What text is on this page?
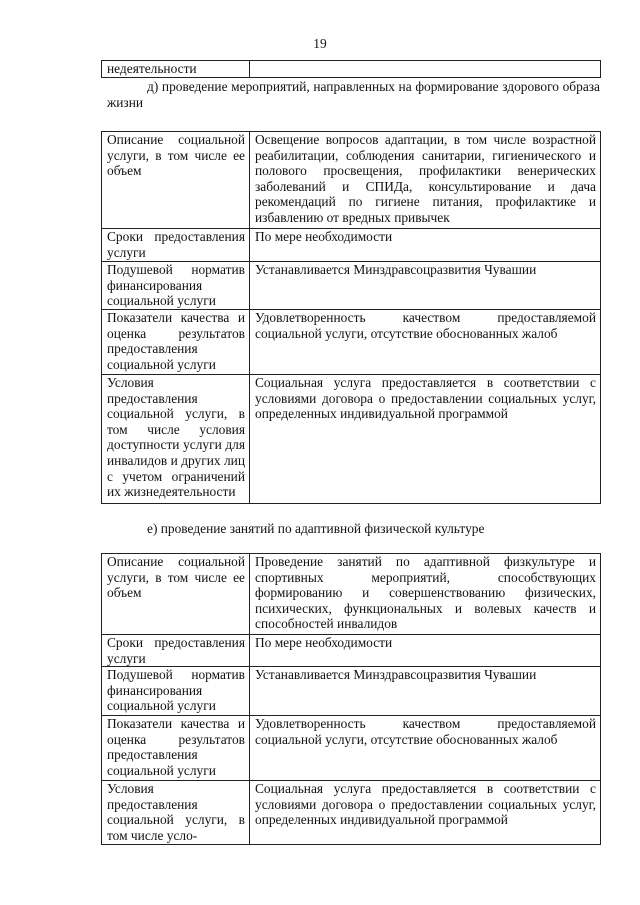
19
недеятельности	
д) проведение мероприятий, направленных на формирование здорового образа жизни
Описание социальной услуги, в том числе ее объем	Освещение вопросов адаптации, в том числе возрастной реабилитации, соблюдения санитарии, гигиенического и полового просвещения, профилактики венерических заболеваний и СПИДа, консультирование и дача рекомендаций по гигиене питания, профилактике и избавлению от вредных привычек
Сроки предоставления услуги	По мере необходимости
Подушевой норматив финансирования социальной услуги	Устанавливается Минздравсоцразвития Чувашии
Показатели качества и оценка результатов предоставления социальной услуги	Удовлетворенность качеством предоставляемой социальной услуги, отсутствие обоснованных жалоб
Условия предоставления социальной услуги, в том числе условия доступности услуги для инвалидов и других лиц с учетом ограничений их жизнедеятельности	Социальная услуга предоставляется в соответствии с условиями договора о предоставлении социальных услуг, определенных индивидуальной программой
е) проведение занятий по адаптивной физической культуре
Описание социальной услуги, в том числе ее объем	Проведение занятий по адаптивной физкультуре и спортивных мероприятий, способствующих формированию и совершенствованию физических, психических, функциональных и волевых качеств и способностей инвалидов
Сроки предоставления услуги	По мере необходимости
Подушевой норматив финансирования социальной услуги	Устанавливается Минздравсоцразвития Чувашии
Показатели качества и оценка результатов предоставления социальной услуги	Удовлетворенность качеством предоставляемой социальной услуги, отсутствие обоснованных жалоб
Условия предоставления социальной услуги, в том числе усло-	Социальная услуга предоставляется в соответствии с условиями договора о предоставлении социальных услуг, определенных индивидуальной программой
